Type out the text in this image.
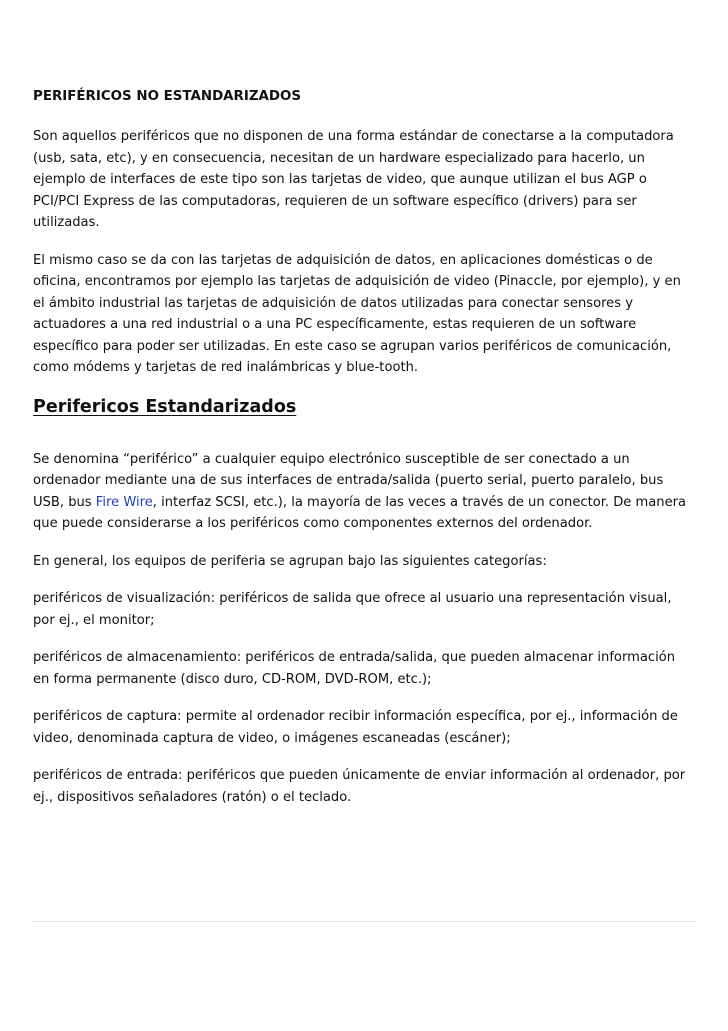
PERIFÉRICOS NO ESTANDARIZADOS

Son aquellos periféricos que no disponen de una forma estándar de conectarse a la computadora (usb, sata, etc), y en consecuencia, necesitan de un hardware especializado para hacerlo, un ejemplo de interfaces de este tipo son las tarjetas de video, que aunque utilizan el bus AGP o PCI/PCI Express de las computadoras, requieren de un software específico (drivers) para ser utilizadas.

El mismo caso se da con las tarjetas de adquisición de datos, en aplicaciones domésticas o de oficina, encontramos por ejemplo las tarjetas de adquisición de video (Pinaccle, por ejemplo), y en el ámbito industrial las tarjetas de adquisición de datos utilizadas para conectar sensores y actuadores a una red industrial o a una PC específicamente, estas requieren de un software específico para poder ser utilizadas. En este caso se agrupan varios periféricos de comunicación, como módems y tarjetas de red inalámbricas y blue-tooth.

Perifericos Estandarizados

Se denomina “periférico” a cualquier equipo electrónico susceptible de ser conectado a un ordenador mediante una de sus interfaces de entrada/salida (puerto serial, puerto paralelo, bus USB, bus Fire Wire, interfaz SCSI, etc.), la mayoría de las veces a través de un conector. De manera que puede considerarse a los periféricos como componentes externos del ordenador.

En general, los equipos de periferia se agrupan bajo las siguientes categorías:

periféricos de visualización: periféricos de salida que ofrece al usuario una representación visual, por ej., el monitor;

periféricos de almacenamiento: periféricos de entrada/salida, que pueden almacenar información en forma permanente (disco duro, CD-ROM, DVD-ROM, etc.);

periféricos de captura: permite al ordenador recibir información específica, por ej., información de video, denominada captura de video, o imágenes escaneadas (escáner);

periféricos de entrada: periféricos que pueden únicamente de enviar información al ordenador, por ej., dispositivos señaladores (ratón) o el teclado.
